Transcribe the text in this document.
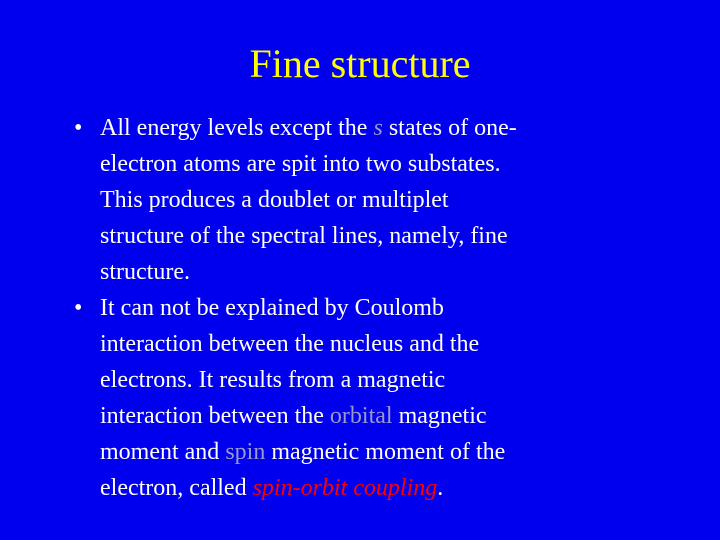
Fine structure
• All energy levels except the s states of one-
electron atoms are spit into two substates.
This produces a doublet or multiplet
structure of the spectral lines, namely, fine
structure.
• It can not be explained by Coulomb
interaction between the nucleus and the
electrons. It results from a magnetic
interaction between the orbital magnetic
moment and spin magnetic moment of the
electron, called spin-orbit coupling.
